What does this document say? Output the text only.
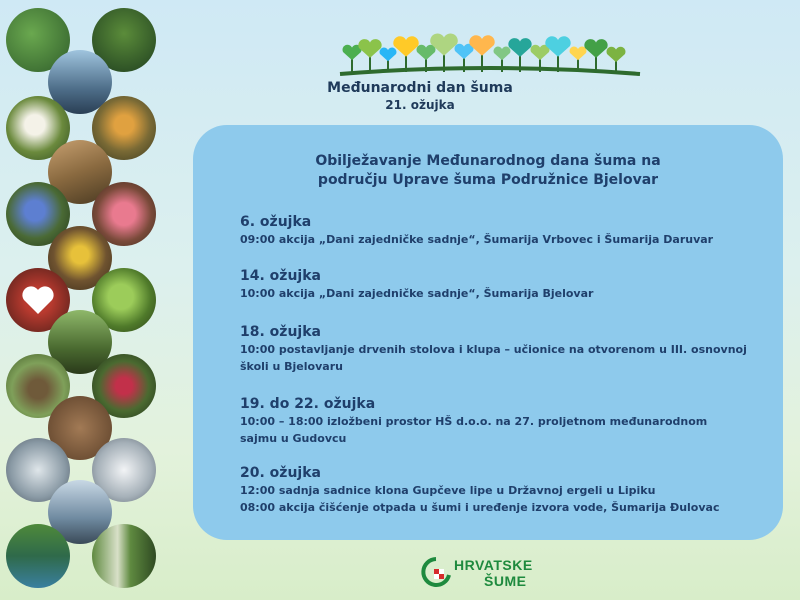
Međunarodni dan šuma
21. ožujka
Obilježavanje Međunarodnog dana šuma na
području Uprave šuma Podružnice Bjelovar
6. ožujka
09:00 akcija „Dani zajedničke sadnje“, Šumarija Vrbovec i Šumarija Daruvar
14. ožujka
10:00 akcija „Dani zajedničke sadnje“, Šumarija Bjelovar
18. ožujka
10:00 postavljanje drvenih stolova i klupa – učionice na otvorenom u III. osnovnoj
školi u Bjelovaru
19. do 22. ožujka
10:00 – 18:00 izložbeni prostor HŠ d.o.o. na 27. proljetnom međunarodnom
sajmu u Gudovcu
20. ožujka
12:00 sadnja sadnice klona Gupčeve lipe u Državnoj ergeli u Lipiku
08:00 akcija čišćenje otpada u šumi i uređenje izvora vode, Šumarija Đulovac
HRVATSKE
ŠUME
